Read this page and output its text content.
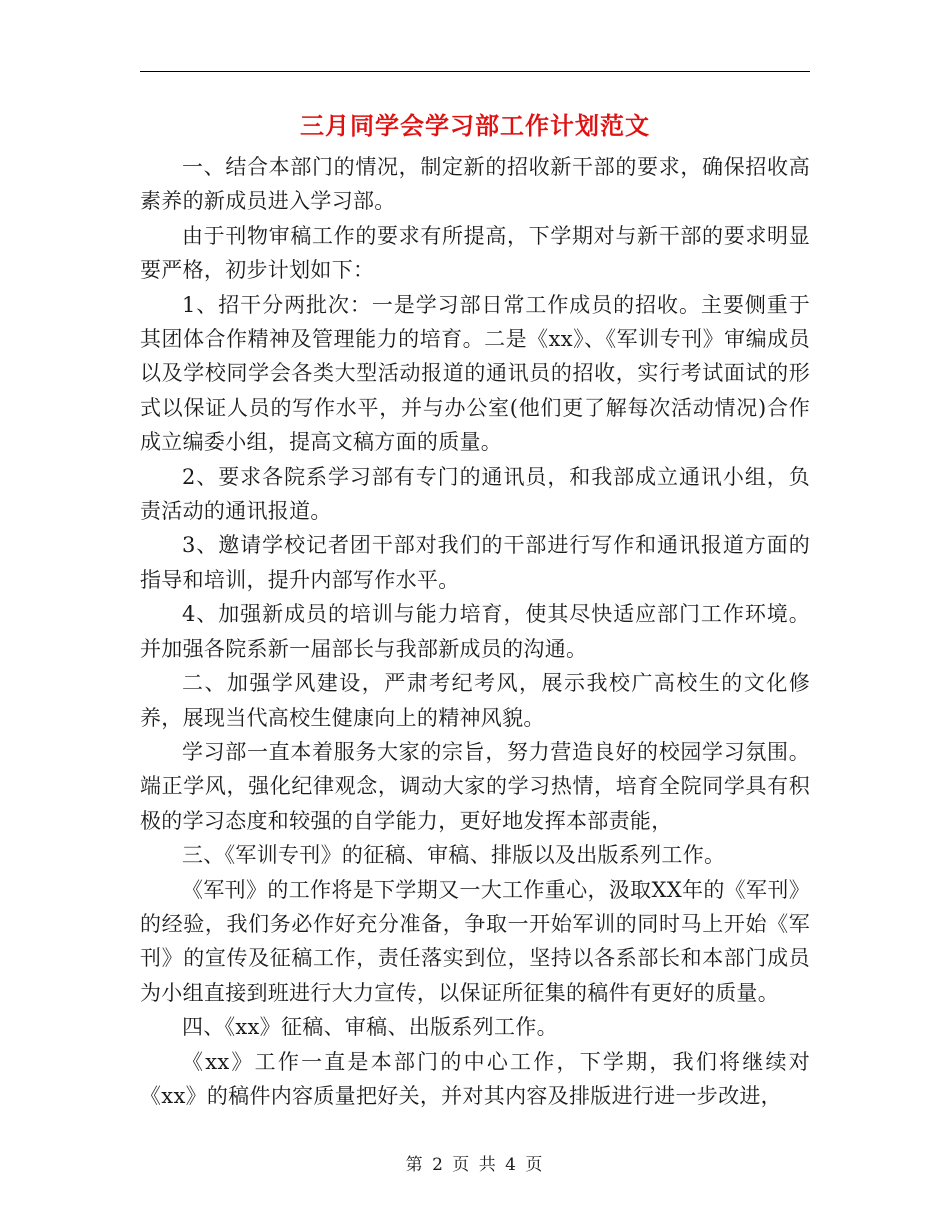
三月同学会学习部工作计划范文

一、结合本部门的情况，制定新的招收新干部的要求，确保招收高素养的新成员进入学习部。

由于刊物审稿工作的要求有所提高，下学期对与新干部的要求明显要严格，初步计划如下：

1、招干分两批次：一是学习部日常工作成员的招收。主要侧重于其团体合作精神及管理能力的培育。二是《xx》、《军训专刊》审编成员以及学校同学会各类大型活动报道的通讯员的招收，实行考试面试的形式以保证人员的写作水平，并与办公室(他们更了解每次活动情况)合作成立编委小组，提高文稿方面的质量。

2、要求各院系学习部有专门的通讯员，和我部成立通讯小组，负责活动的通讯报道。

3、邀请学校记者团干部对我们的干部进行写作和通讯报道方面的指导和培训，提升内部写作水平。

4、加强新成员的培训与能力培育，使其尽快适应部门工作环境。并加强各院系新一届部长与我部新成员的沟通。

二、加强学风建设，严肃考纪考风，展示我校广高校生的文化修养，展现当代高校生健康向上的精神风貌。

学习部一直本着服务大家的宗旨，努力营造良好的校园学习氛围。端正学风，强化纪律观念，调动大家的学习热情，培育全院同学具有积极的学习态度和较强的自学能力，更好地发挥本部责能，

三、《军训专刊》的征稿、审稿、排版以及出版系列工作。

《军刊》的工作将是下学期又一大工作重心，汲取XX年的《军刊》的经验，我们务必作好充分准备，争取一开始军训的同时马上开始《军刊》的宣传及征稿工作，责任落实到位，坚持以各系部长和本部门成员为小组直接到班进行大力宣传，以保证所征集的稿件有更好的质量。

四、《xx》征稿、审稿、出版系列工作。

《xx》工作一直是本部门的中心工作，下学期，我们将继续对《xx》的稿件内容质量把好关，并对其内容及排版进行进一步改进，

第 2 页 共 4 页
